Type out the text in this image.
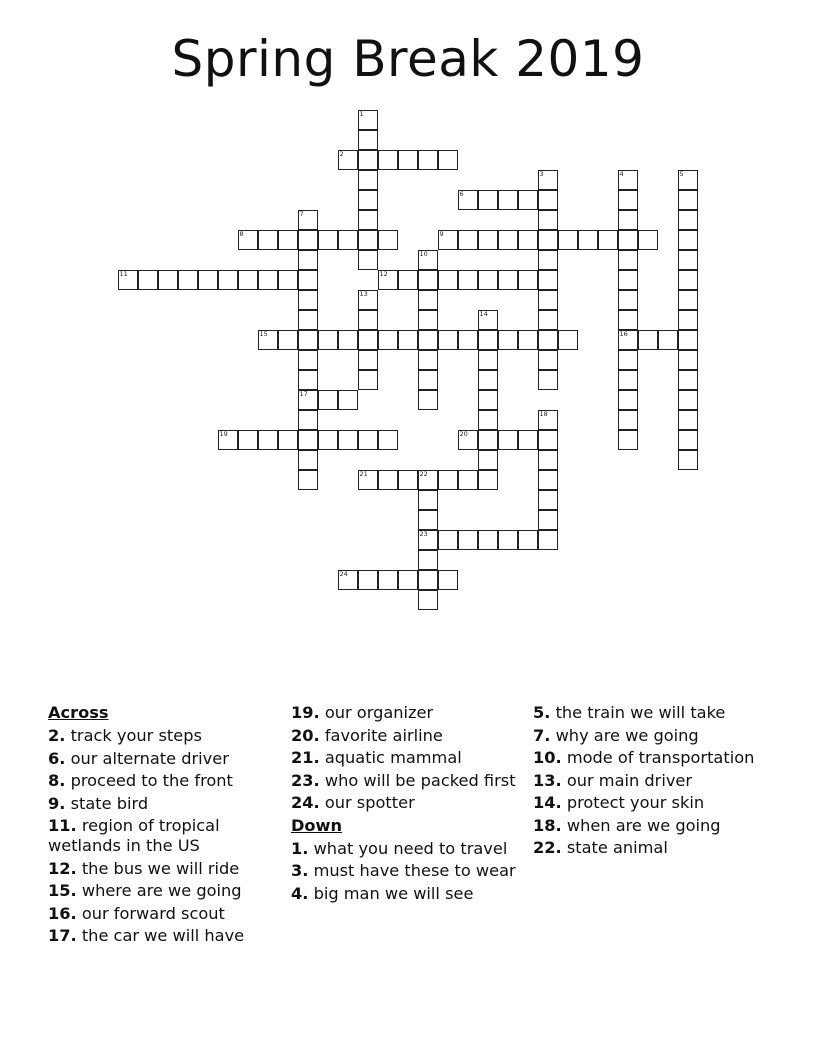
Spring Break 2019
1
2
3	4
16
5
6
7
17
8	9
10
11	12
13
14
15
18
19	20
21	22
23
24
Across
2. track your steps
6. our alternate driver
8. proceed to the front
9. state bird
11. region of tropical wetlands in the US
12. the bus we will ride
15. where are we going
16. our forward scout
17. the car we will have
19. our organizer
20. favorite airline
21. aquatic mammal
23. who will be packed first
24. our spotter
Down
1. what you need to travel
3. must have these to wear
4. big man we will see
5. the train we will take
7. why are we going
10. mode of transportation
13. our main driver
14. protect your skin
18. when are we going
22. state animal
